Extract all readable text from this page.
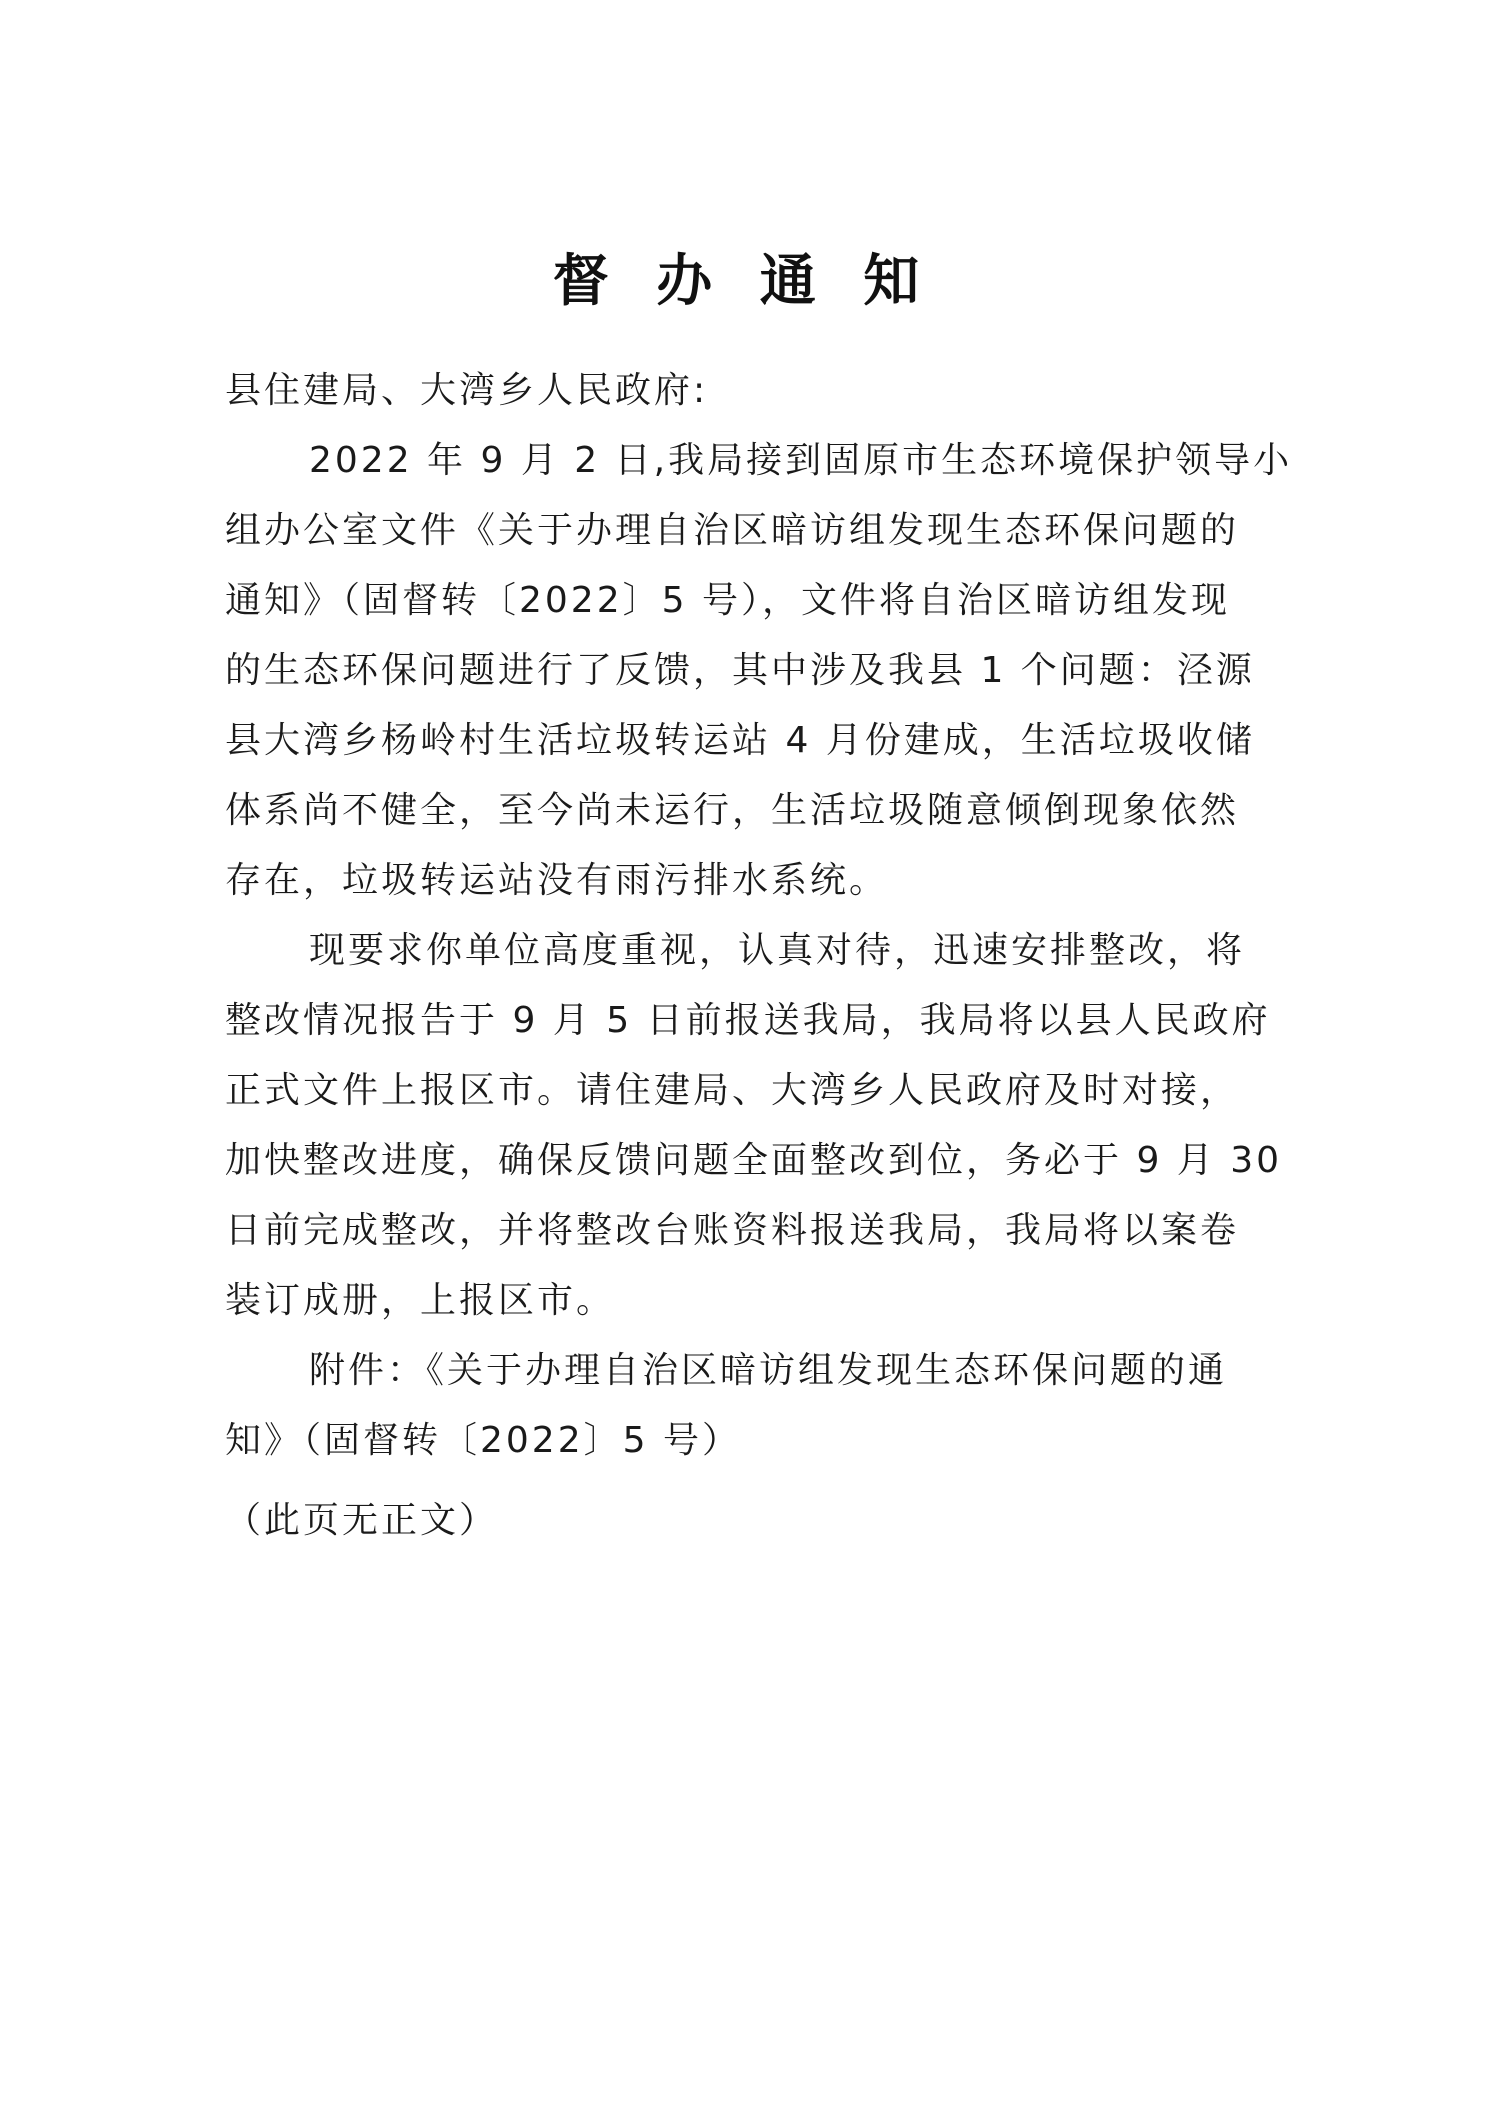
督 办 通 知
县住建局、大湾乡人民政府:
2022 年 9 月 2 日,我局接到固原市生态环境保护领导小
组办公室文件《关于办理自治区暗访组发现生态环保问题的
通知》（固督转〔2022〕5 号），文件将自治区暗访组发现
的生态环保问题进行了反馈，其中涉及我县 1 个问题：泾源
县大湾乡杨岭村生活垃圾转运站 4 月份建成，生活垃圾收储
体系尚不健全，至今尚未运行，生活垃圾随意倾倒现象依然
存在，垃圾转运站没有雨污排水系统。
现要求你单位高度重视，认真对待，迅速安排整改，将
整改情况报告于 9 月 5 日前报送我局，我局将以县人民政府
正式文件上报区市。请住建局、大湾乡人民政府及时对接，
加快整改进度，确保反馈问题全面整改到位，务必于 9 月 30
日前完成整改，并将整改台账资料报送我局，我局将以案卷
装订成册，上报区市。
附件：《关于办理自治区暗访组发现生态环保问题的通
知》（固督转〔2022〕5 号）
（此页无正文）
